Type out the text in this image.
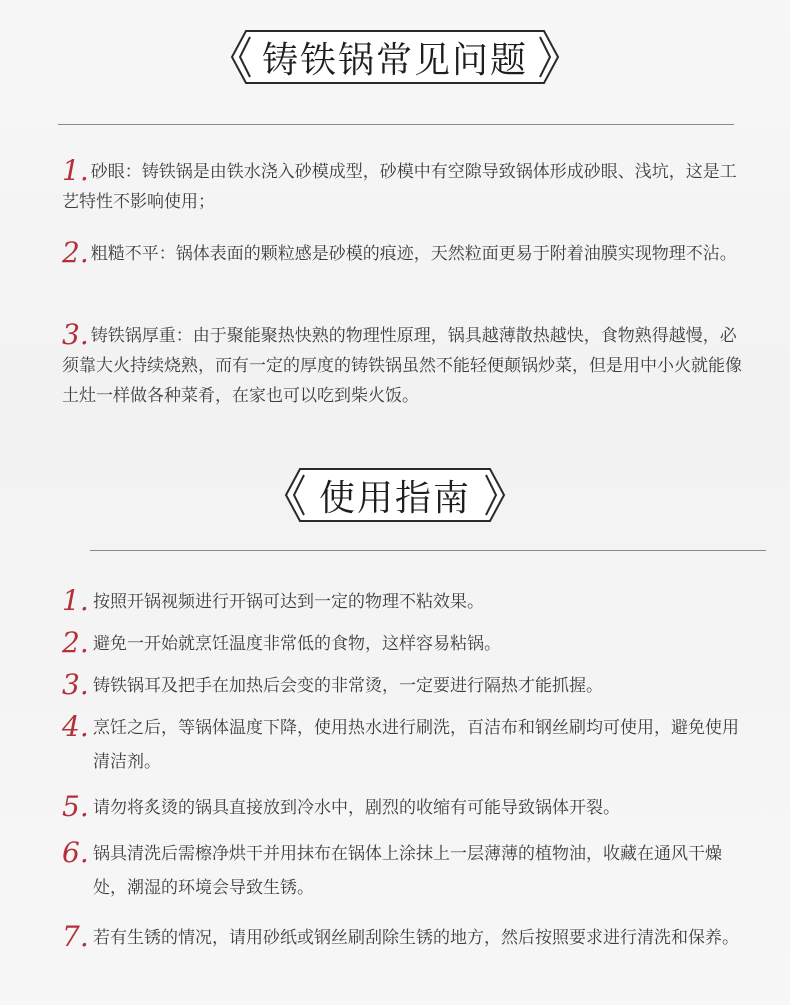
铸铁锅常见问题
1. 砂眼：铸铁锅是由铁水浇入砂模成型，砂模中有空隙导致锅体形成砂眼、浅坑，这是工艺特性不影响使用；
2. 粗糙不平：锅体表面的颗粒感是砂模的痕迹，天然粒面更易于附着油膜实现物理不沾。
3. 铸铁锅厚重：由于聚能聚热快熟的物理性原理，锅具越薄散热越快，食物熟得越慢，必须靠大火持续烧熟，而有一定的厚度的铸铁锅虽然不能轻便颠锅炒菜，但是用中小火就能像土灶一样做各种菜肴，在家也可以吃到柴火饭。
使用指南
1. 按照开锅视频进行开锅可达到一定的物理不粘效果。
2. 避免一开始就烹饪温度非常低的食物，这样容易粘锅。
3. 铸铁锅耳及把手在加热后会变的非常烫，一定要进行隔热才能抓握。
4. 烹饪之后，等锅体温度下降，使用热水进行刷洗，百洁布和钢丝刷均可使用，避免使用清洁剂。
5. 请勿将炙烫的锅具直接放到冷水中，剧烈的收缩有可能导致锅体开裂。
6. 锅具清洗后需檫净烘干并用抹布在锅体上涂抹上一层薄薄的植物油，收藏在通风干燥处，潮湿的环境会导致生锈。
7. 若有生锈的情况，请用砂纸或钢丝刷刮除生锈的地方，然后按照要求进行清洗和保养。
